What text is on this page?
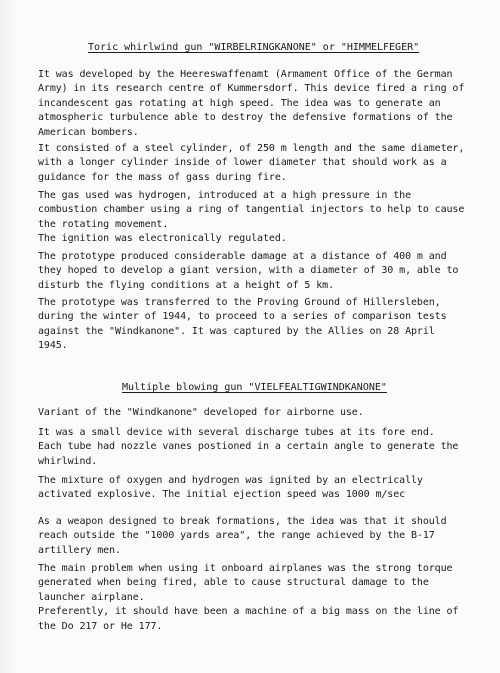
Toric whirlwind gun "WIRBELRINGKANONE" or "HIMMELFEGER"
It was developed by the Heereswaffenamt (Armament Office of the German
Army) in its research centre of Kummersdorf. This device fired a ring of
incandescent gas rotating at high speed. The idea was to generate an
atmospheric turbulence able to destroy the defensive formations of the
American bombers.
It consisted of a steel cylinder, of 250 m length and the same diameter,
with a longer cylinder inside of lower diameter that should work as a
guidance for the mass of gass during fire.
The gas used was hydrogen, introduced at a high pressure in the
combustion chamber using a ring of tangential injectors to help to cause
the rotating movement.
The ignition was electronically regulated.
The prototype produced considerable damage at a distance of 400 m and
they hoped to develop a giant version, with a diameter of 30 m, able to
disturb the flying conditions at a height of 5 km.
The prototype was transferred to the Proving Ground of Hillersleben,
during the winter of 1944, to proceed to a series of comparison tests
against the "Windkanone". It was captured by the Allies on 28 April
1945.
Multiple blowing gun "VIELFEALTIGWINDKANONE"
Variant of the "Windkanone" developed for airborne use.
It was a small device with several discharge tubes at its fore end.
Each tube had nozzle vanes postioned in a certain angle to generate the
whirlwind.
The mixture of oxygen and hydrogen was ignited by an electrically
activated explosive. The initial ejection speed was 1000 m/sec
As a weapon designed to break formations, the idea was that it should
reach outside the "1000 yards area", the range achieved by the B-17
artillery men.
The main problem when using it onboard airplanes was the strong torque
generated when being fired, able to cause structural damage to the
launcher airplane.
Preferently, it should have been a machine of a big mass on the line of
the Do 217 or He 177.
